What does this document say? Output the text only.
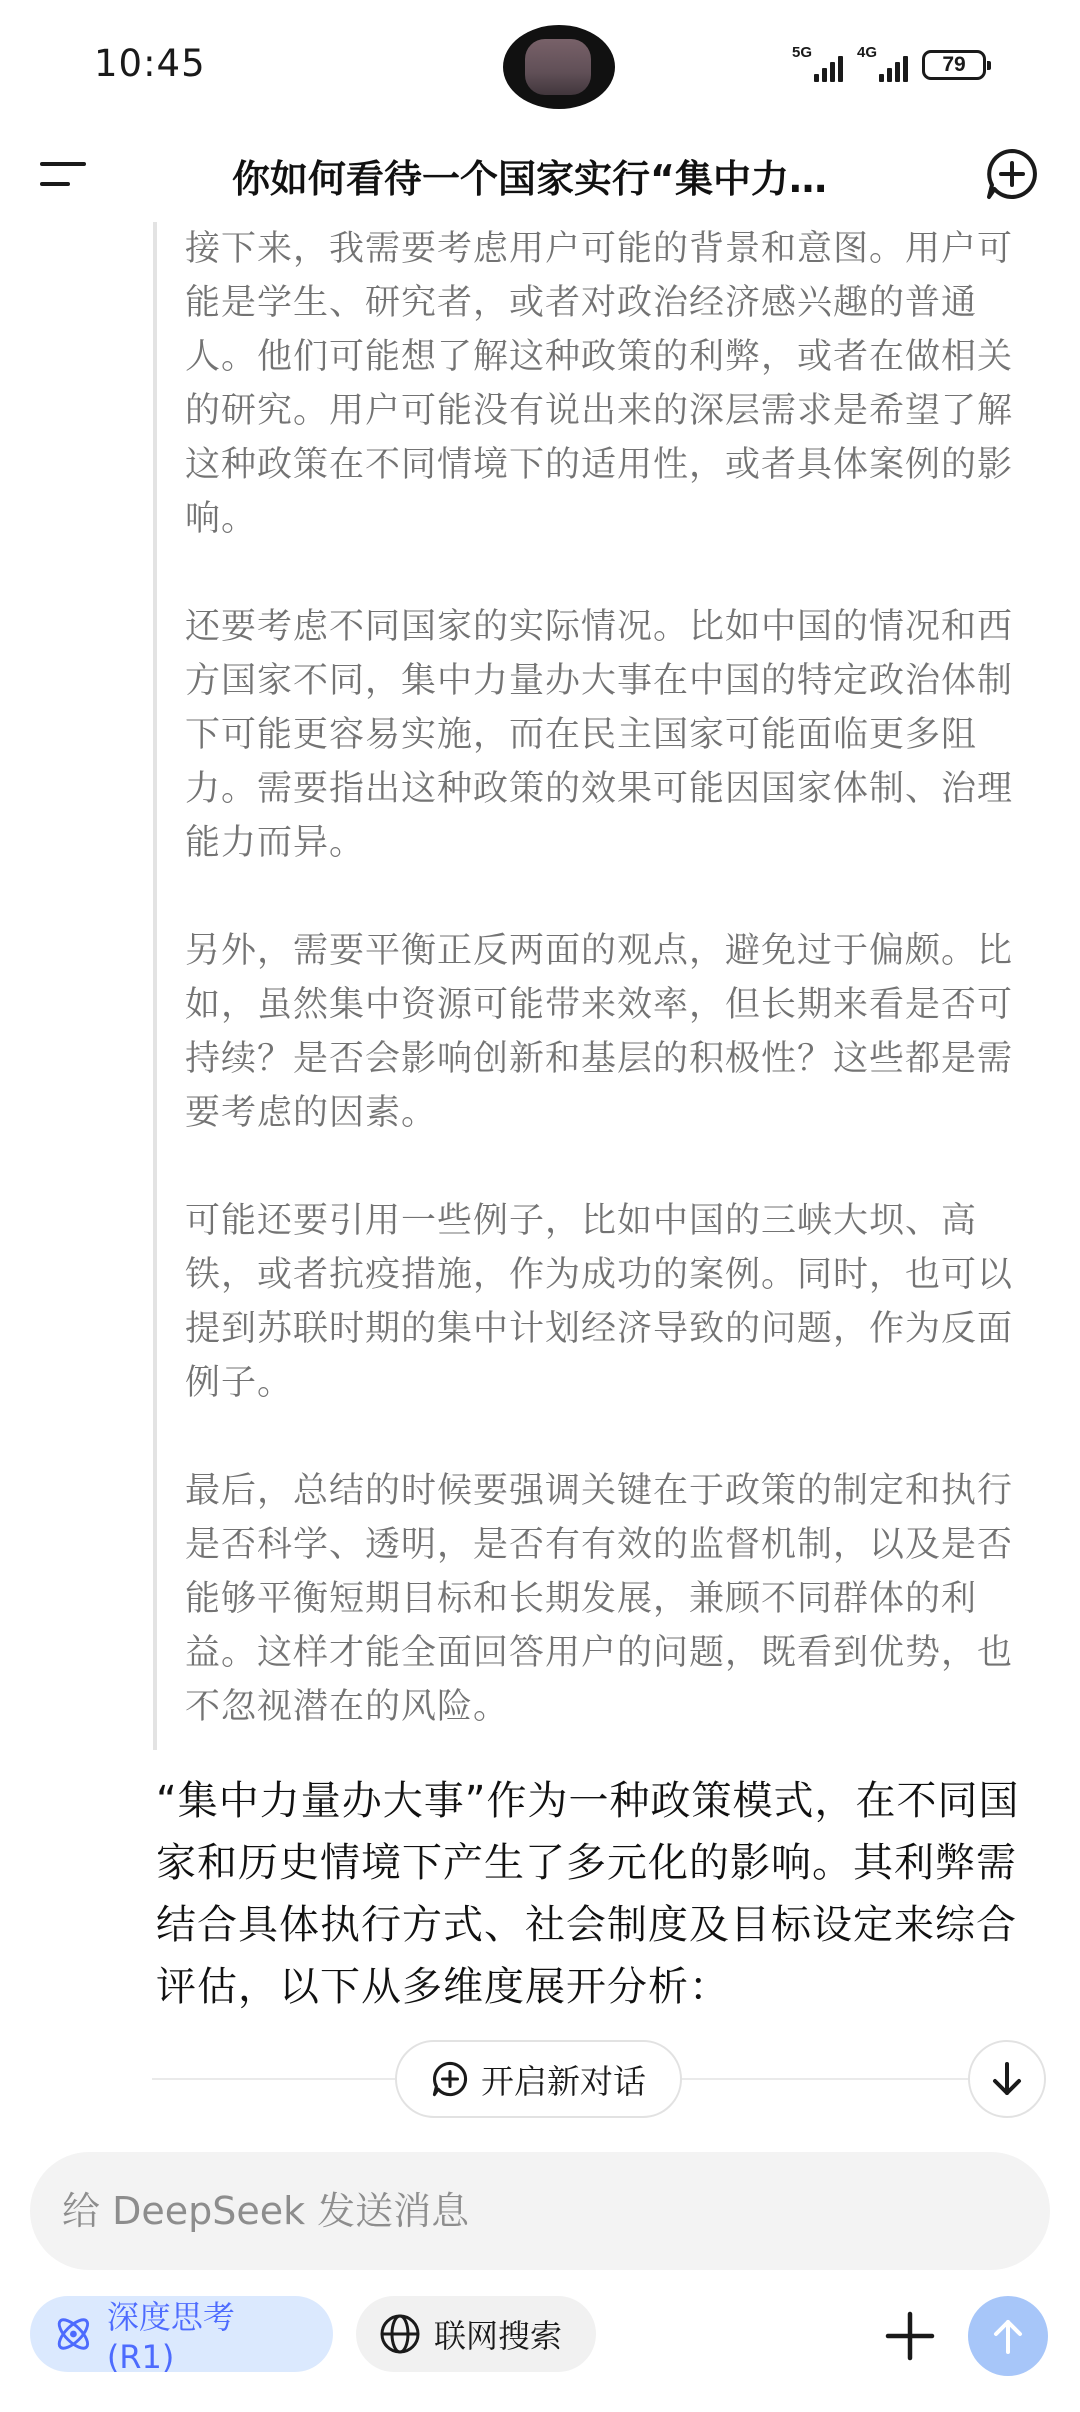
10:45	5G	4G
79
你如何看待一个国家实行“集中力…

接下来，我需要考虑用户可能的背景和意图。用户可能是学生、研究者，或者对政治经济感兴趣的普通人。他们可能想了解这种政策的利弊，或者在做相关的研究。用户可能没有说出来的深层需求是希望了解这种政策在不同情境下的适用性，或者具体案例的影响。

还要考虑不同国家的实际情况。比如中国的情况和西方国家不同，集中力量办大事在中国的特定政治体制下可能更容易实施，而在民主国家可能面临更多阻力。需要指出这种政策的效果可能因国家体制、治理能力而异。

另外，需要平衡正反两面的观点，避免过于偏颇。比如，虽然集中资源可能带来效率，但长期来看是否可持续？是否会影响创新和基层的积极性？这些都是需要考虑的因素。

可能还要引用一些例子，比如中国的三峡大坝、高铁，或者抗疫措施，作为成功的案例。同时，也可以提到苏联时期的集中计划经济导致的问题，作为反面例子。

最后，总结的时候要强调关键在于政策的制定和执行是否科学、透明，是否有有效的监督机制，以及是否能够平衡短期目标和长期发展，兼顾不同群体的利益。这样才能全面回答用户的问题，既看到优势，也不忽视潜在的风险。

“集中力量办大事”作为一种政策模式，在不同国家和历史情境下产生了多元化的影响。其利弊需结合具体执行方式、社会制度及目标设定来综合评估，以下从多维度展开分析：

开启新对话
给 DeepSeek 发送消息
深度思考 (R1)
联网搜索
